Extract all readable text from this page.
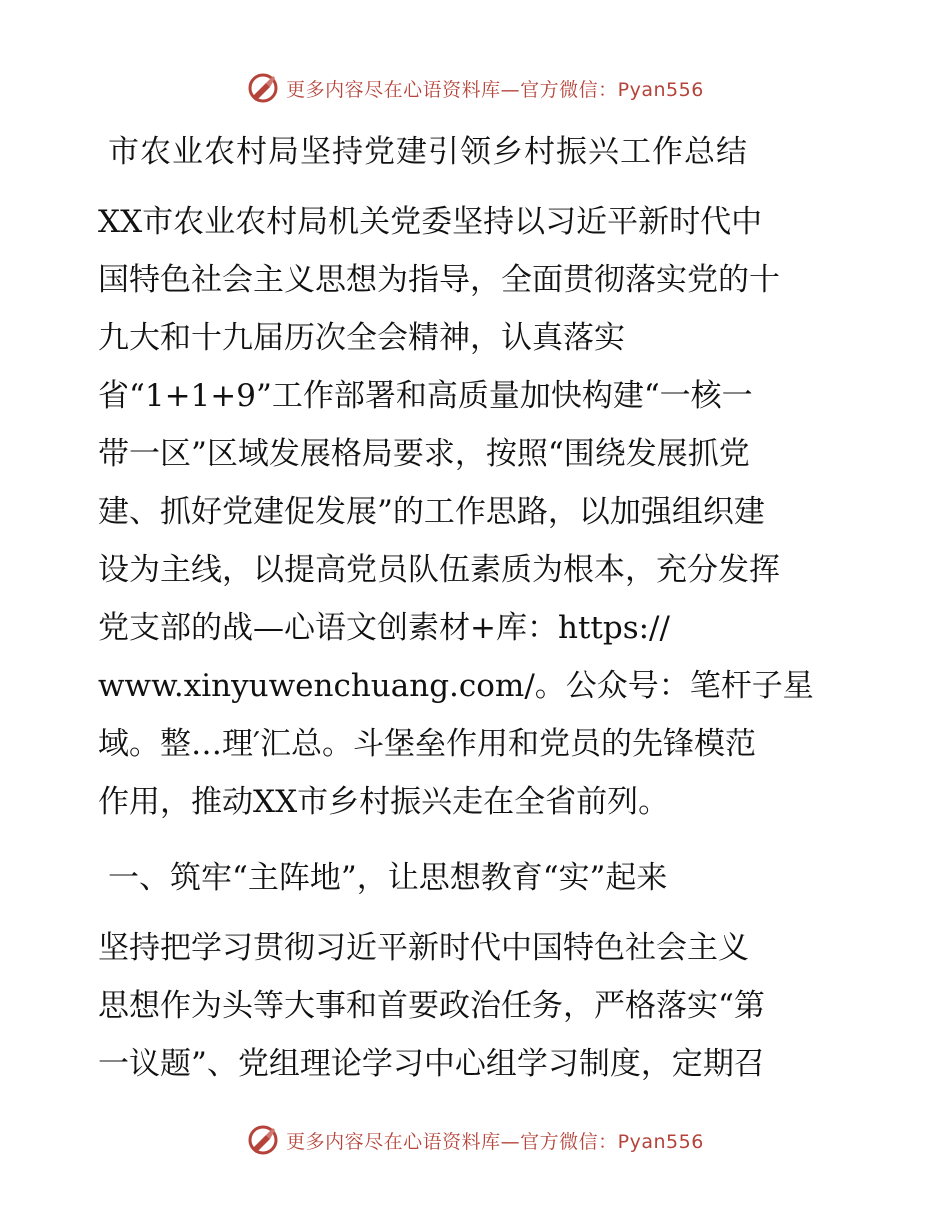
更多内容尽在心语资料库—官方微信：Pyan556
市农业农村局坚持党建引领乡村振兴工作总结
XX市农业农村局机关党委坚持以习近平新时代中
国特色社会主义思想为指导，全面贯彻落实党的十
九大和十九届历次全会精神，认真落实
省“1+1+9”工作部署和高质量加快构建“一核一
带一区”区域发展格局要求，按照“围绕发展抓党
建、抓好党建促发展”的工作思路，以加强组织建
设为主线，以提高党员队伍素质为根本，充分发挥
党支部的战—心语文创素材+库：https://
www.xinyuwenchuang.com/。公众号：笔杆子星
域。整…理′汇总。斗堡垒作用和党员的先锋模范
作用，推动XX市乡村振兴走在全省前列。
一、筑牢“主阵地”，让思想教育“实”起来
坚持把学习贯彻习近平新时代中国特色社会主义
思想作为头等大事和首要政治任务，严格落实“第
一议题”、党组理论学习中心组学习制度，定期召
更多内容尽在心语资料库—官方微信：Pyan556
